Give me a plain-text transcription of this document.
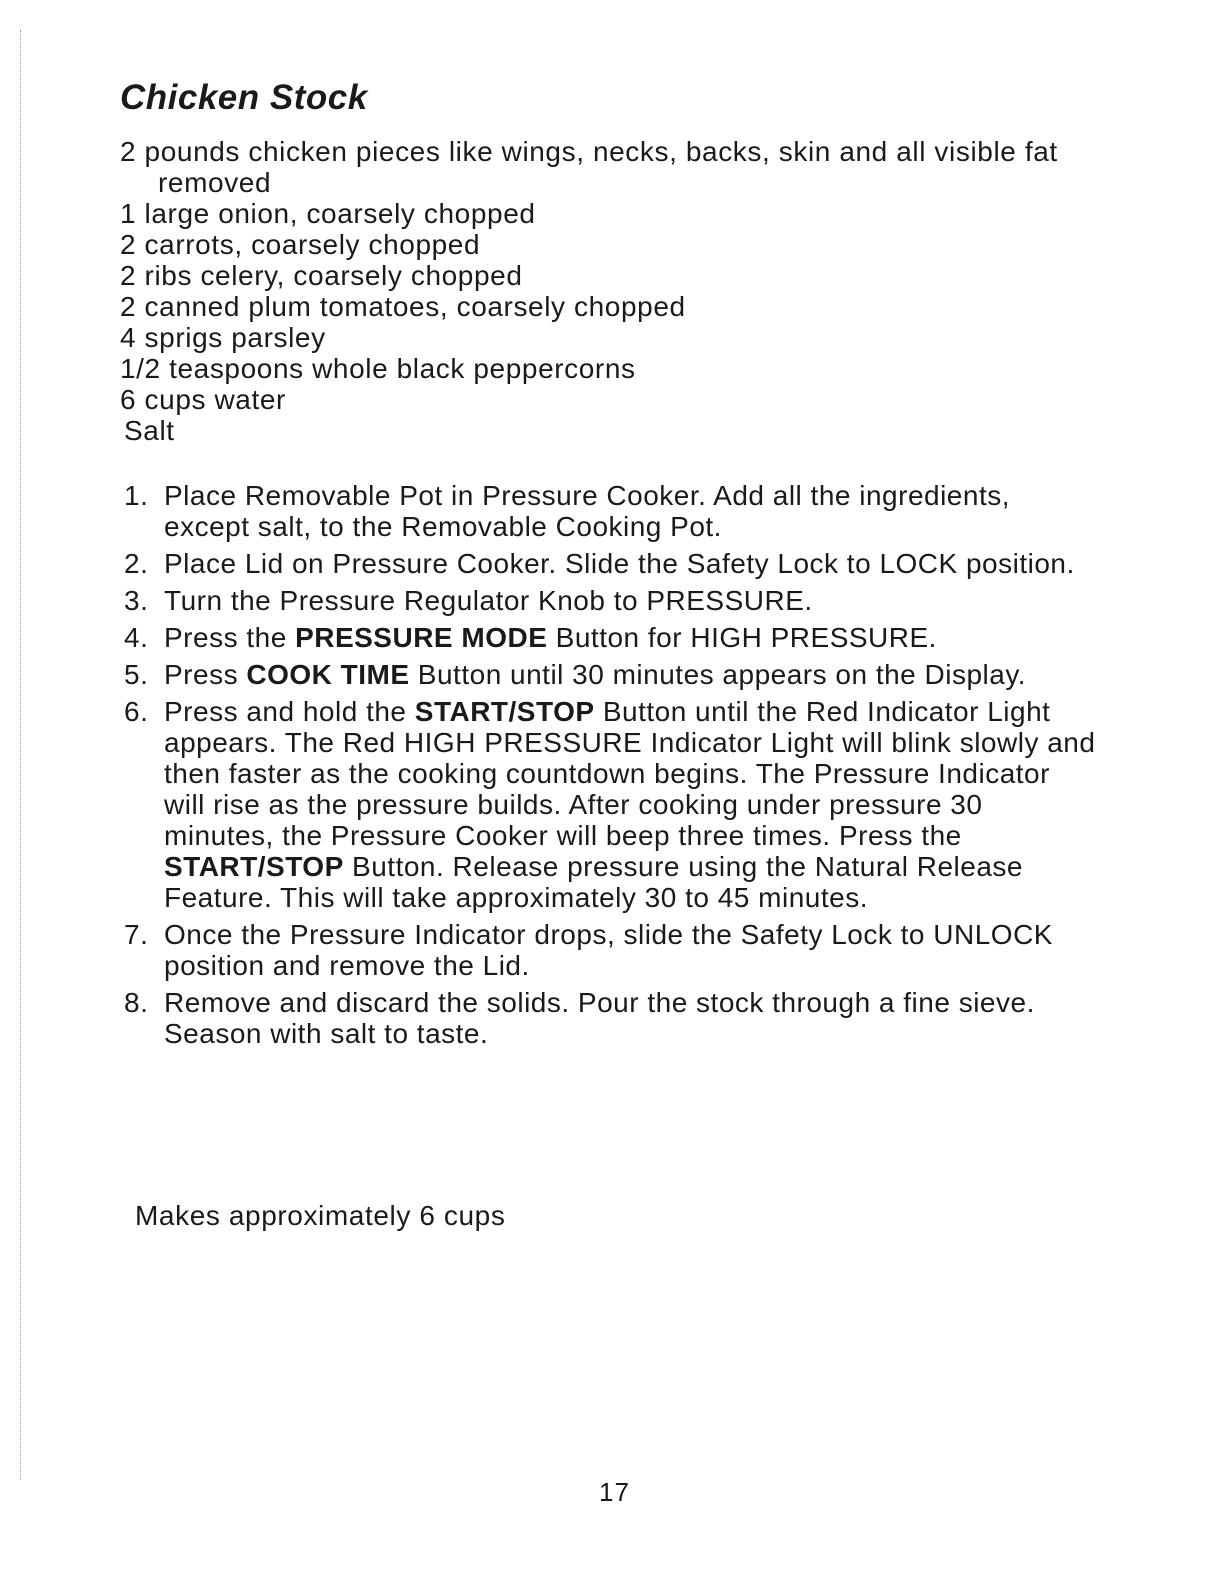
Chicken Stock
2 pounds chicken pieces like wings, necks, backs, skin and all visible fat removed
1 large onion, coarsely chopped
2 carrots, coarsely chopped
2 ribs celery, coarsely chopped
2 canned plum tomatoes, coarsely chopped
4 sprigs parsley
1/2 teaspoons whole black peppercorns
6 cups water
Salt
1. Place Removable Pot in Pressure Cooker. Add all the ingredients, except salt, to the Removable Cooking Pot.
2. Place Lid on Pressure Cooker. Slide the Safety Lock to LOCK position.
3. Turn the Pressure Regulator Knob to PRESSURE.
4. Press the PRESSURE MODE Button for HIGH PRESSURE.
5. Press COOK TIME Button until 30 minutes appears on the Display.
6. Press and hold the START/STOP Button until the Red Indicator Light appears. The Red HIGH PRESSURE Indicator Light will blink slowly and then faster as the cooking countdown begins. The Pressure Indicator will rise as the pressure builds. After cooking under pressure 30 minutes, the Pressure Cooker will beep three times. Press the START/STOP Button. Release pressure using the Natural Release Feature. This will take approximately 30 to 45 minutes.
7. Once the Pressure Indicator drops, slide the Safety Lock to UNLOCK position and remove the Lid.
8. Remove and discard the solids. Pour the stock through a fine sieve. Season with salt to taste.

Makes approximately 6 cups

17
